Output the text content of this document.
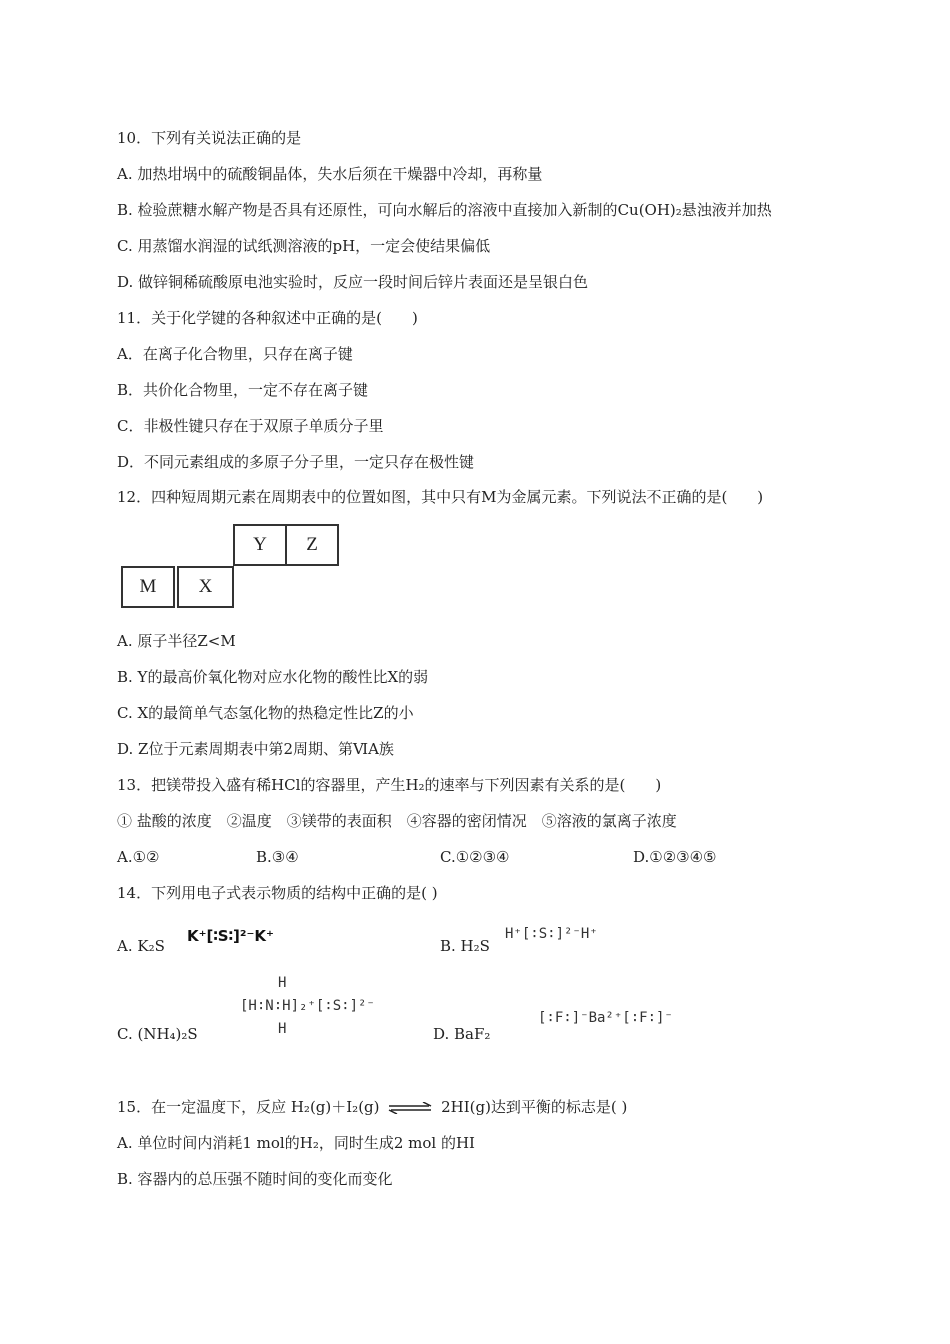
10．下列有关说法正确的是
A. 加热坩埚中的硫酸铜晶体，失水后须在干燥器中冷却，再称量
B. 检验蔗糖水解产物是否具有还原性，可向水解后的溶液中直接加入新制的Cu(OH)₂悬浊液并加热
C. 用蒸馏水润湿的试纸测溶液的pH，一定会使结果偏低
D. 做锌铜稀硫酸原电池实验时，反应一段时间后锌片表面还是呈银白色
11．关于化学键的各种叙述中正确的是(　　)
A．在离子化合物里，只存在离子键
B．共价化合物里，一定不存在离子键
C．非极性键只存在于双原子单质分子里
D．不同元素组成的多原子分子里，一定只存在极性键
12．四种短周期元素在周期表中的位置如图，其中只有M为金属元素。下列说法不正确的是(　　)
Y	Z
M	X
A. 原子半径Z<M
B. Y的最高价氧化物对应水化物的酸性比X的弱
C. X的最简单气态氢化物的热稳定性比Z的小
D. Z位于元素周期表中第2周期、第ⅥA族
13．把镁带投入盛有稀HCl的容器里，产生H₂的速率与下列因素有关系的是(　　)
① 盐酸的浓度　②温度　③镁带的表面积　④容器的密闭情况　⑤溶液的氯离子浓度
A.①②	B.③④	C.①②③④	D.①②③④⑤
14．下列用电子式表示物质的结构中正确的是( )
A. K₂S
K⁺[∶S∶]²⁻K⁺
B. H₂S
H⁺[∶S∶]²⁻H⁺
C. (NH₄)₂S
H
[H∶N∶H]₂⁺[∶S∶]²⁻
H	D. BaF₂
[∶F∶]⁻Ba²⁺[∶F∶]⁻
15．在一定温度下，反应 H₂(g)＋I₂(g) ⇌ 2HI(g)达到平衡的标志是( )
A. 单位时间内消耗1 mol的H₂，同时生成2 mol 的HI
B. 容器内的总压强不随时间的变化而变化
